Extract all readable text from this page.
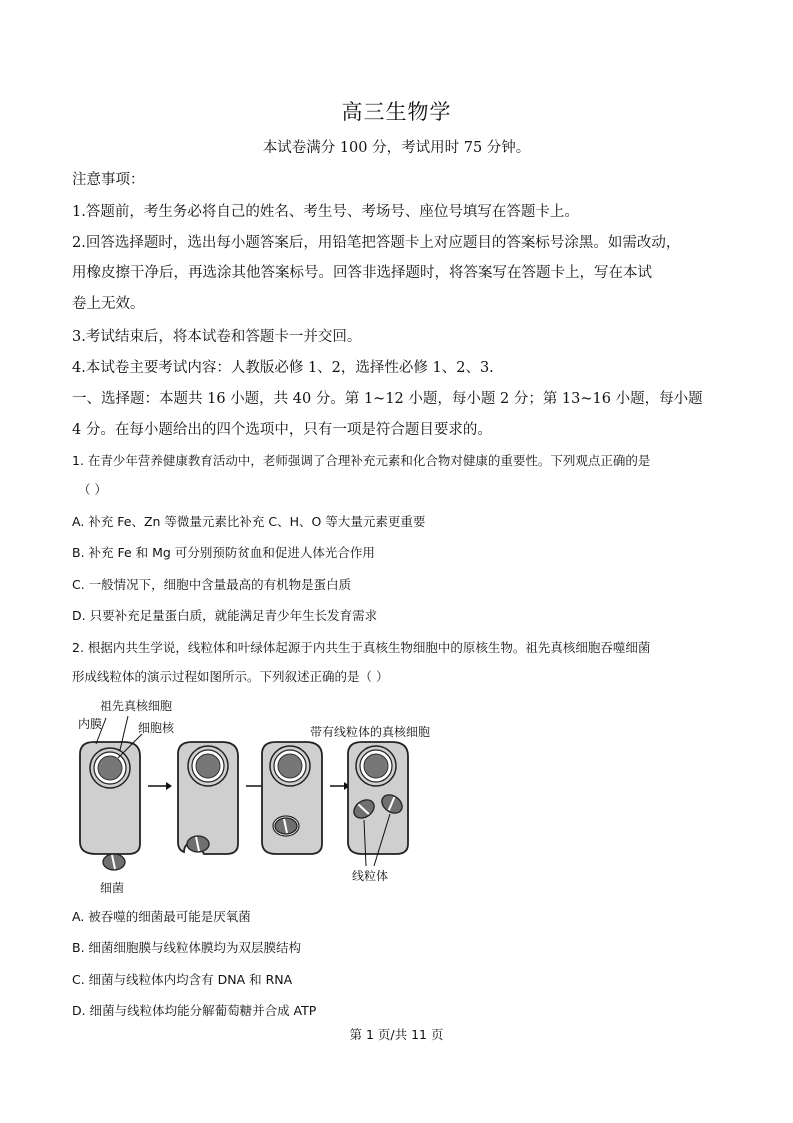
高三生物学
本试卷满分 100 分，考试用时 75 分钟。
注意事项：
1.答题前，考生务必将自己的姓名、考生号、考场号、座位号填写在答题卡上。
2.回答选择题时，选出每小题答案后，用铅笔把答题卡上对应题目的答案标号涂黑。如需改动，
用橡皮擦干净后，再选涂其他答案标号。回答非选择题时，将答案写在答题卡上，写在本试
卷上无效。
3.考试结束后，将本试卷和答题卡一并交回。
4.本试卷主要考试内容：人教版必修 1、2，选择性必修 1、2、3.
一、选择题：本题共 16 小题，共 40 分。第 1~12 小题，每小题 2 分；第 13~16 小题，每小题
4 分。在每小题给出的四个选项中，只有一项是符合题目要求的。
1. 在青少年营养健康教育活动中，老师强调了合理补充元素和化合物对健康的重要性。下列观点正确的是
（ ）
A. 补充 Fe、Zn 等微量元素比补充 C、H、O 等大量元素更重要
B. 补充 Fe 和 Mg 可分别预防贫血和促进人体光合作用
C. 一般情况下，细胞中含量最高的有机物是蛋白质
D. 只要补充足量蛋白质，就能满足青少年生长发育需求
2. 根据内共生学说，线粒体和叶绿体起源于内共生于真核生物细胞中的原核生物。祖先真核细胞吞噬细菌
形成线粒体的演示过程如图所示。下列叙述正确的是（ ）
祖先真核细胞
内膜	细胞核	带有线粒体的真核细胞
细菌
线粒体
A. 被吞噬的细菌最可能是厌氧菌
B. 细菌细胞膜与线粒体膜均为双层膜结构
C. 细菌与线粒体内均含有 DNA 和 RNA
D. 细菌与线粒体均能分解葡萄糖并合成 ATP
第 1 页/共 11 页
